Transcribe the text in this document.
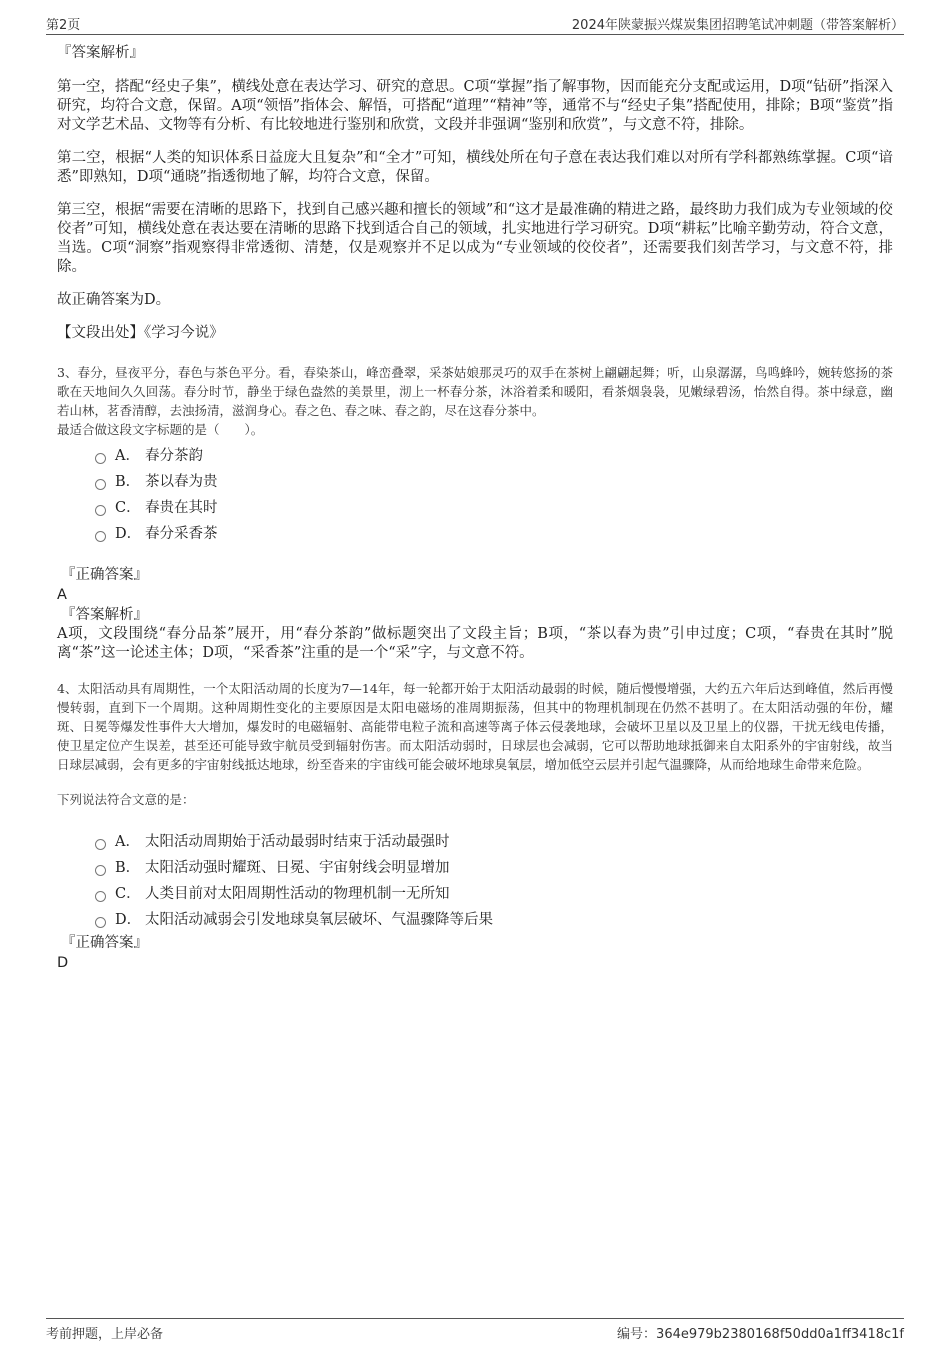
第2页	2024年陕蒙振兴煤炭集团招聘笔试冲刺题（带答案解析）

『答案解析』

第一空，搭配“经史子集”，横线处意在表达学习、研究的意思。C项“掌握”指了解事物，因而能充分支配或运用，D项“钻研”指深入研究，均符合文意，保留。A项“领悟”指体会、解悟，可搭配“道理”“精神”等，通常不与“经史子集”搭配使用，排除；B项“鉴赏”指对文学艺术品、文物等有分析、有比较地进行鉴别和欣赏，文段并非强调“鉴别和欣赏”，与文意不符，排除。

第二空，根据“人类的知识体系日益庞大且复杂”和“全才”可知，横线处所在句子意在表达我们难以对所有学科都熟练掌握。C项“谙悉”即熟知，D项“通晓”指透彻地了解，均符合文意，保留。

第三空，根据“需要在清晰的思路下，找到自己感兴趣和擅长的领域”和“这才是最准确的精进之路，最终助力我们成为专业领域的佼佼者”可知，横线处意在表达要在清晰的思路下找到适合自己的领域，扎实地进行学习研究。D项“耕耘”比喻辛勤劳动，符合文意，当选。C项“洞察”指观察得非常透彻、清楚，仅是观察并不足以成为“专业领域的佼佼者”，还需要我们刻苦学习，与文意不符，排除。

故正确答案为D。

【文段出处】《学习今说》

3、春分，昼夜平分，春色与茶色平分。看，春染茶山，峰峦叠翠，采茶姑娘那灵巧的双手在茶树上翩翩起舞；听，山泉潺潺，鸟鸣蜂吟，婉转悠扬的茶歌在天地间久久回荡。春分时节，静坐于绿色盎然的美景里，沏上一杯春分茶，沐浴着柔和暖阳，看茶烟袅袅，见嫩绿碧汤，怡然自得。茶中绿意，幽若山林，茗香清醇，去浊扬清，滋润身心。春之色、春之味、春之韵，尽在这春分茶中。

最适合做这段文字标题的是（　　）。

A． 春分茶韵
B． 茶以春为贵
C． 春贵在其时
D． 春分采香茶

『正确答案』

A

『答案解析』

A项，文段围绕“春分品茶”展开，用“春分茶韵”做标题突出了文段主旨；B项，“茶以春为贵”引申过度；C项，“春贵在其时”脱离“茶”这一论述主体；D项，“采香茶”注重的是一个“采”字，与文意不符。

4、太阳活动具有周期性，一个太阳活动周的长度为7—14年，每一轮都开始于太阳活动最弱的时候，随后慢慢增强，大约五六年后达到峰值，然后再慢慢转弱，直到下一个周期。这种周期性变化的主要原因是太阳电磁场的准周期振荡，但其中的物理机制现在仍然不甚明了。在太阳活动强的年份，耀斑、日冕等爆发性事件大大增加，爆发时的电磁辐射、高能带电粒子流和高速等离子体云侵袭地球，会破坏卫星以及卫星上的仪器，干扰无线电传播，使卫星定位产生误差，甚至还可能导致宇航员受到辐射伤害。而太阳活动弱时，日球层也会减弱，它可以帮助地球抵御来自太阳系外的宇宙射线，故当日球层减弱，会有更多的宇宙射线抵达地球，纷至沓来的宇宙线可能会破坏地球臭氧层，增加低空云层并引起气温骤降，从而给地球生命带来危险。

下列说法符合文意的是：

A． 太阳活动周期始于活动最弱时结束于活动最强时
B． 太阳活动强时耀斑、日冕、宇宙射线会明显增加
C． 人类目前对太阳周期性活动的物理机制一无所知
D． 太阳活动减弱会引发地球臭氧层破坏、气温骤降等后果

『正确答案』

D

考前押题，上岸必备	编号：364e979b2380168f50dd0a1ff3418c1f
